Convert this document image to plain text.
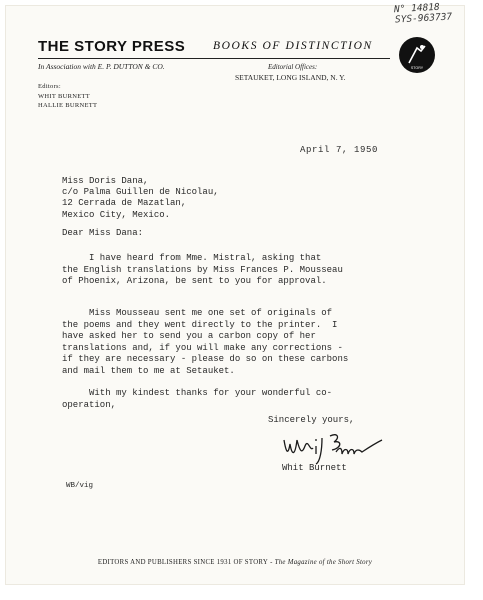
THE STORY PRESS BOOKS OF DISTINCTION
In Association with E. P. DUTTON & CO.	Editorial Offices:
SETAUKET, LONG ISLAND, N. Y.
Editors:
WHIT BURNETT
HALLIE BURNETT
STORY
April 7, 1950
Miss Doris Dana,
c/o Palma Guillen de Nicolau,
12 Cerrada de Mazatlan,
Mexico City, Mexico.
Dear Miss Dana:
I have heard from Mme. Mistral, asking that
the English translations by Miss Frances P. Mousseau
of Phoenix, Arizona, be sent to you for approval.
Miss Mousseau sent me one set of originals of
the poems and they went directly to the printer.  I
have asked her to send you a carbon copy of her
translations and, if you will make any corrections -
if they are necessary - please do so on these carbons
and mail them to me at Setauket.
With my kindest thanks for your wonderful co-
operation,
Sincerely yours,
Whit Burnett
WB/vig
EDITORS AND PUBLISHERS SINCE 1931 OF STORY - The Magazine of the Short Story
N° 14818
SYS-963737
